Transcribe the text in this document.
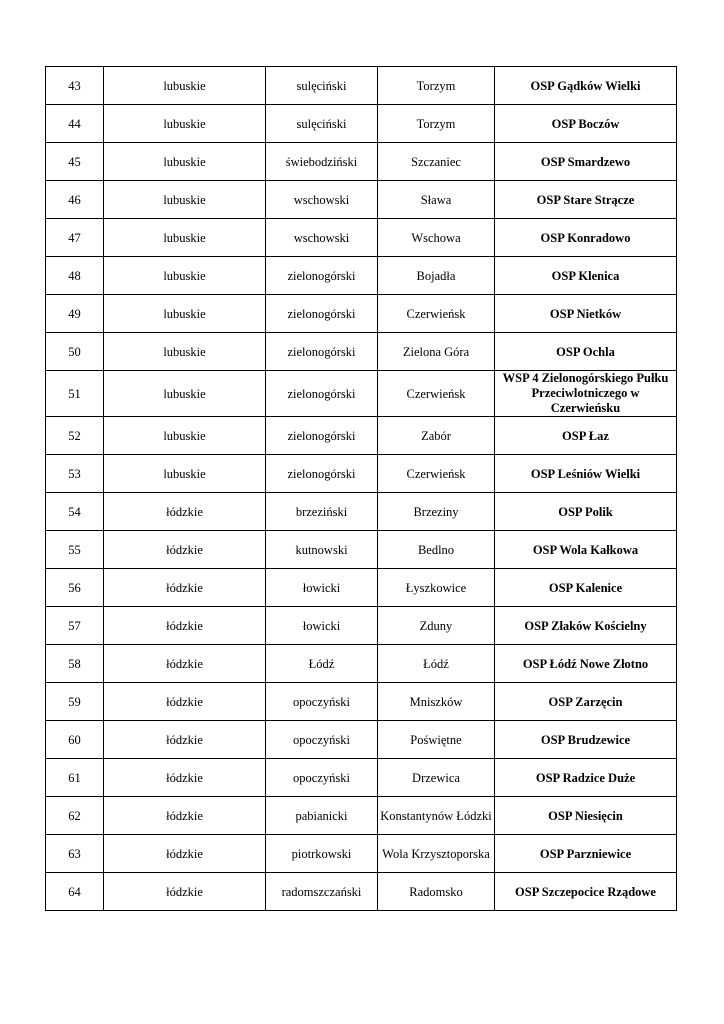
43	lubuskie	sulęciński	Torzym	OSP Gądków Wielki
44	lubuskie	sulęciński	Torzym	OSP Boczów
45	lubuskie	świebodziński	Szczaniec	OSP Smardzewo
46	lubuskie	wschowski	Sława	OSP Stare Strącze
47	lubuskie	wschowski	Wschowa	OSP Konradowo
48	lubuskie	zielonogórski	Bojadła	OSP Klenica
49	lubuskie	zielonogórski	Czerwieńsk	OSP Nietków
50	lubuskie	zielonogórski	Zielona Góra	OSP Ochla
51	lubuskie	zielonogórski	Czerwieńsk	WSP 4 Zielonogórskiego Pułku Przeciwlotniczego w Czerwieńsku
52	lubuskie	zielonogórski	Zabór	OSP Łaz
53	lubuskie	zielonogórski	Czerwieńsk	OSP Leśniów Wielki
54	łódzkie	brzeziński	Brzeziny	OSP Polik
55	łódzkie	kutnowski	Bedlno	OSP Wola Kałkowa
56	łódzkie	łowicki	Łyszkowice	OSP Kalenice
57	łódzkie	łowicki	Zduny	OSP Złaków Kościelny
58	łódzkie	Łódź	Łódź	OSP Łódź Nowe Złotno
59	łódzkie	opoczyński	Mniszków	OSP Zarzęcin
60	łódzkie	opoczyński	Poświętne	OSP Brudzewice
61	łódzkie	opoczyński	Drzewica	OSP Radzice Duże
62	łódzkie	pabianicki	Konstantynów Łódzki	OSP Niesięcin
63	łódzkie	piotrkowski	Wola Krzysztoporska	OSP Parzniewice
64	łódzkie	radomszczański	Radomsko	OSP Szczepocice Rządowe
